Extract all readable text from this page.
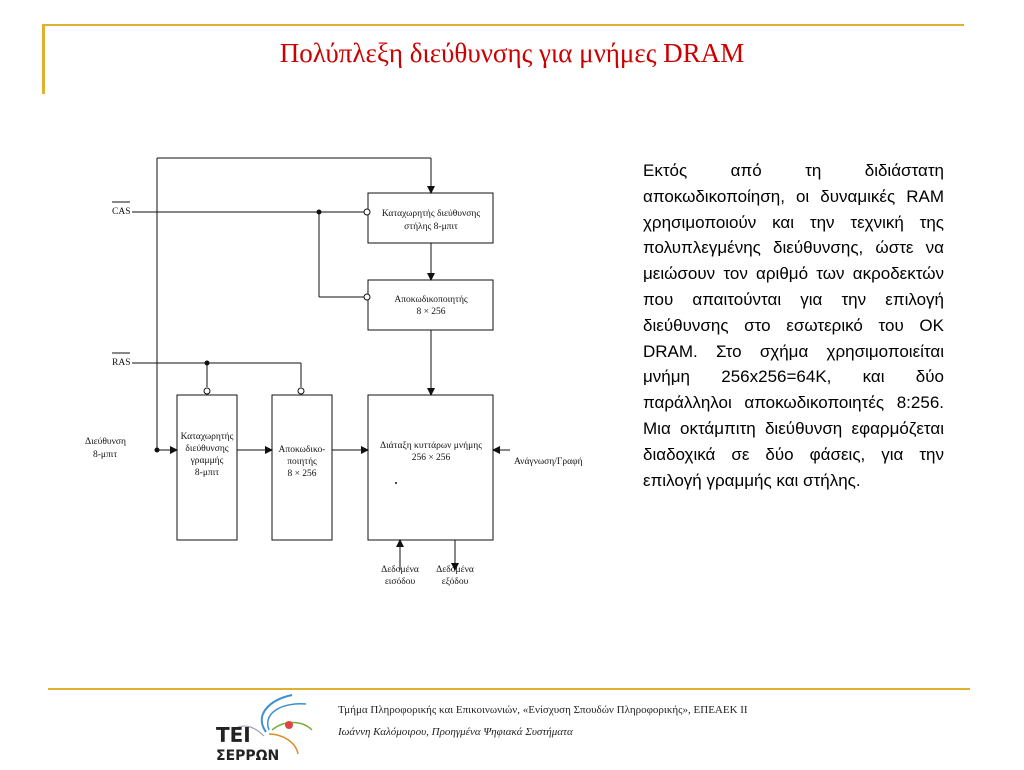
Πολύπλεξη διεύθυνσης για μνήμες DRAM
CAS
RAS
Διεύθυνση
8-μπιτ
Καταχωρητής διεύθυνσης
στήλης 8-μπιτ
Αποκωδικοποιητής
8 × 256
Καταχωρητής
διεύθυνσης
γραμμής
8-μπιτ
Αποκωδικο-
ποιητής
8 × 256
Διάταξη κυττάρων μνήμης
256 × 256	Ανάγνωση/Γραφή
Δεδομένα
εισόδου
Δεδομένα
εξόδου
Εκτός από τη διδιάστατη αποκωδικοποίηση, οι δυναμικές RAM χρησιμοποιούν και την τεχνική της πολυπλεγμένης διεύθυνσης, ώστε να μειώσουν τον αριθμό των ακροδεκτών που απαιτούνται για την επιλογή διεύθυνσης στο εσωτερικό του ΟΚ DRAM. Στο σχήμα χρησιμοποιείται μνήμη 256x256=64K, και δύο παράλληλοι αποκωδικοποιητές 8:256. Μια οκτάμπιτη διεύθυνση εφαρμόζεται διαδοχικά σε δύο φάσεις, για την επιλογή γραμμής και στήλης.
ΤΕΙ
ΣΕΡΡΩΝ
Τμήμα Πληροφορικής και Επικοινωνιών, «Ενίσχυση Σπουδών Πληροφορικής», ΕΠΕΑΕΚ ΙΙ
Ιωάννη Καλόμοιρου, Προηγμένα Ψηφιακά Συστήματα
